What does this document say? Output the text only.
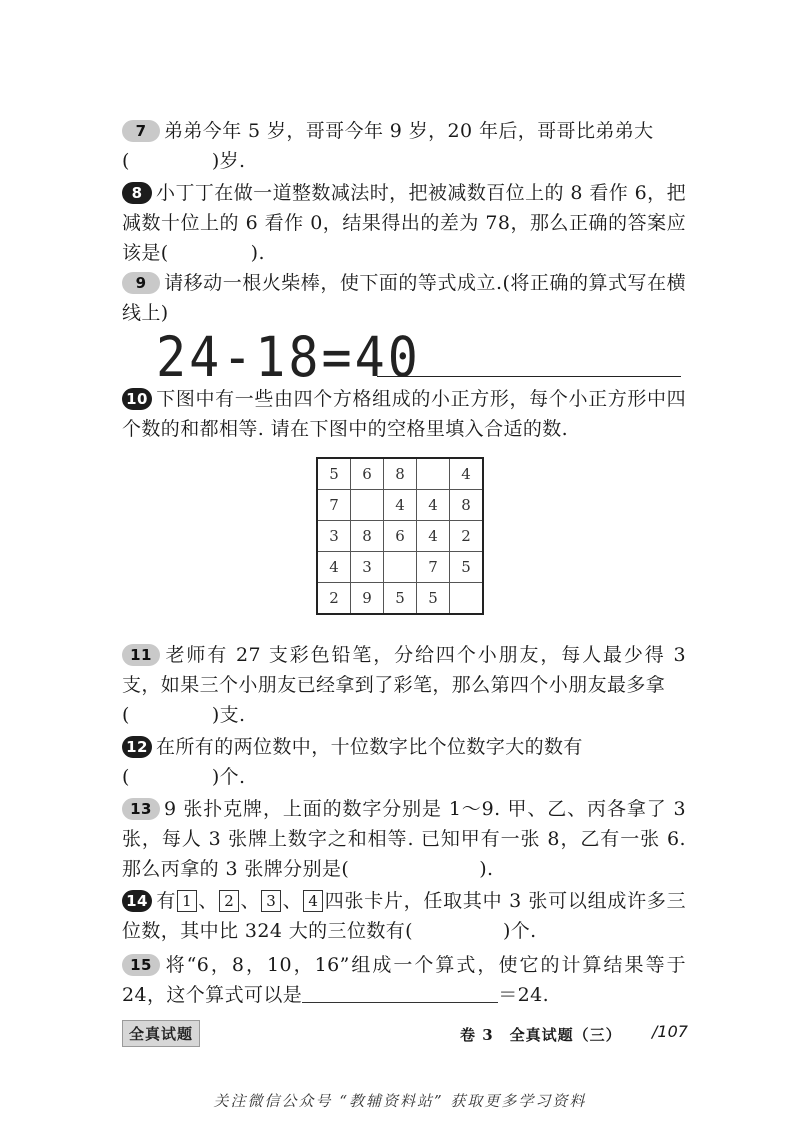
7 弟弟今年 5 岁，哥哥今年 9 岁，20 年后，哥哥比弟弟大
(	)岁.
8 小丁丁在做一道整数减法时，把被减数百位上的 8 看作 6，把减数十位上的 6 看作 0，结果得出的差为 78，那么正确的答案应该是(	).
9 请移动一根火柴棒，使下面的等式成立.(将正确的算式写在横线上)
24-18=40
10 下图中有一些由四个方格组成的小正方形，每个小正方形中四个数的和都相等. 请在下图中的空格里填入合适的数.
5	6	8		4
7		4	4	8
3	8	6	4	2
4	3		7	5
2	9	5	5	
11 老师有 27 支彩色铅笔，分给四个小朋友，每人最少得 3 支，如果三个小朋友已经拿到了彩笔，那么第四个小朋友最多拿
(	)支.
12 在所有的两位数中，十位数字比个位数字大的数有
(	)个.
13 9 张扑克牌，上面的数字分别是 1～9. 甲、乙、丙各拿了 3 张，每人 3 张牌上数字之和相等. 已知甲有一张 8，乙有一张 6. 那么丙拿的 3 张牌分别是(	).
14 有 1 、 2 、 3 、 4 四张卡片，任取其中 3 张可以组成许多三位数，其中比 324 大的三位数有(	)个.
15 将“6，8，10，16”组成一个算式，使它的计算结果等于 24，这个算式可以是	＝24.
全真试题	卷 3　全真试题（三） /107
关注微信公众号 “教辅资料站” 获取更多学习资料
